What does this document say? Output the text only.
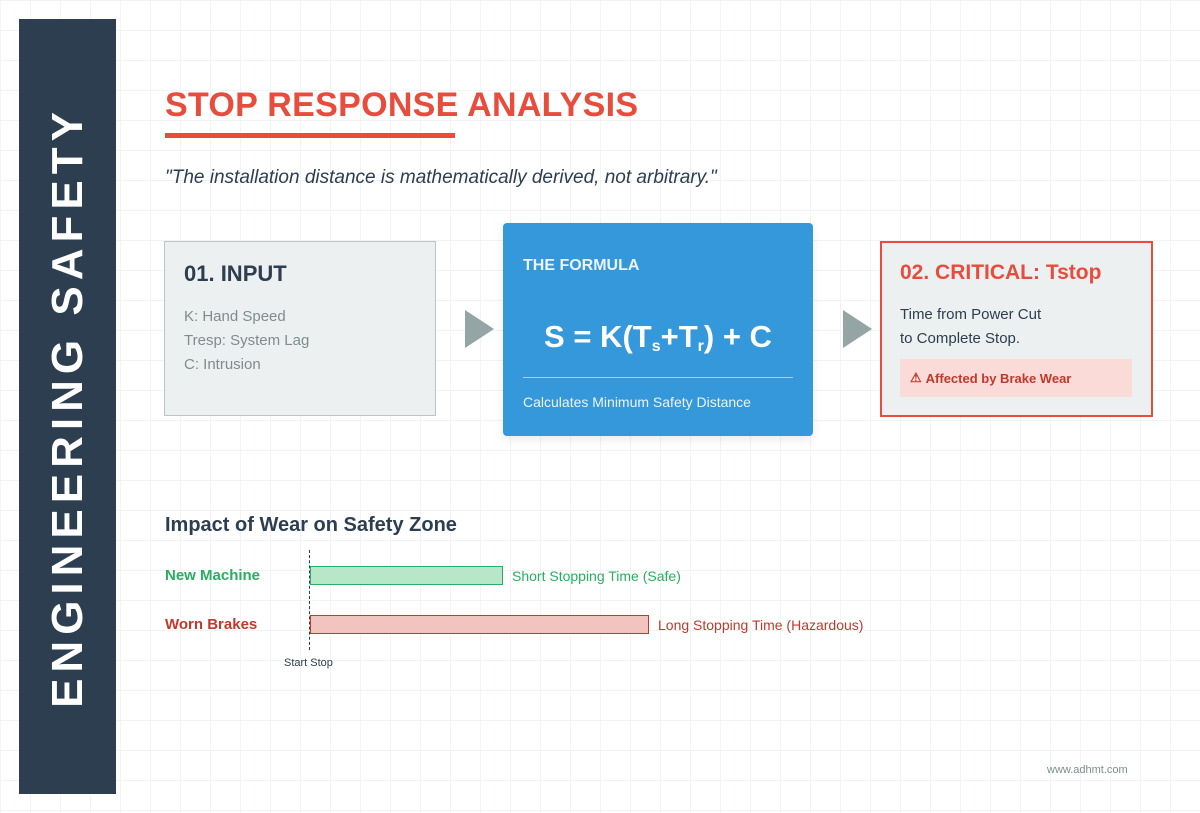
ENGINEERING SAFETY
STOP RESPONSE ANALYSIS
"The installation distance is mathematically derived, not arbitrary."
01. INPUT
K: Hand Speed
Tresp: System Lag
C: Intrusion
THE FORMULA
$S = K(T_s+T_r) + C$
Calculates Minimum Safety Distance
02. CRITICAL: Tstop
Time from Power Cut
to Complete Stop.
⚠ Affected by Brake Wear
Impact of Wear on Safety Zone
New Machine	Short Stopping Time (Safe)
Worn Brakes	Long Stopping Time (Hazardous)
Start Stop
www.adhmt.com
